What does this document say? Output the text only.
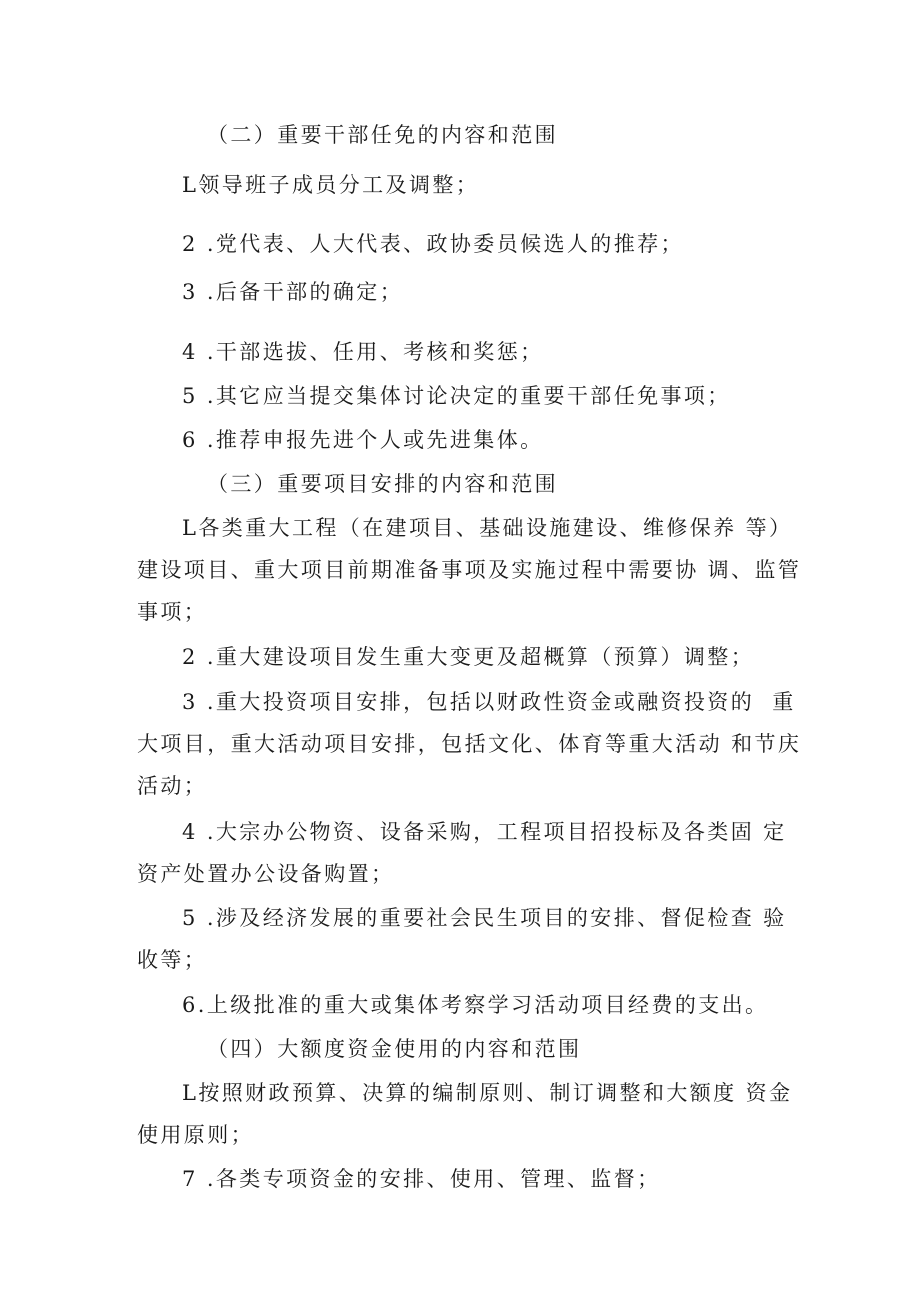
（二）重要干部任免的内容和范围

L领导班子成员分工及调整；

2 .党代表、人大代表、政协委员候选人的推荐；

3 .后备干部的确定；

4 .干部选拔、任用、考核和奖惩；

5 .其它应当提交集体讨论决定的重要干部任免事项；

6 .推荐申报先进个人或先进集体。

（三）重要项目安排的内容和范围

L各类重大工程（在建项目、基础设施建设、维修保养 等）

建设项目、重大项目前期准备事项及实施过程中需要协 调、监管

事项；

2 .重大建设项目发生重大变更及超概算（预算）调整；

3 .重大投资项目安排，包括以财政性资金或融资投资的  重

大项目，重大活动项目安排，包括文化、体育等重大活动 和节庆

活动；

4 .大宗办公物资、设备采购，工程项目招投标及各类固 定

资产处置办公设备购置；

5 .涉及经济发展的重要社会民生项目的安排、督促检查 验

收等；

6.上级批准的重大或集体考察学习活动项目经费的支出。

（四）大额度资金使用的内容和范围

L按照财政预算、决算的编制原则、制订调整和大额度 资金

使用原则；

7 .各类专项资金的安排、使用、管理、监督；
